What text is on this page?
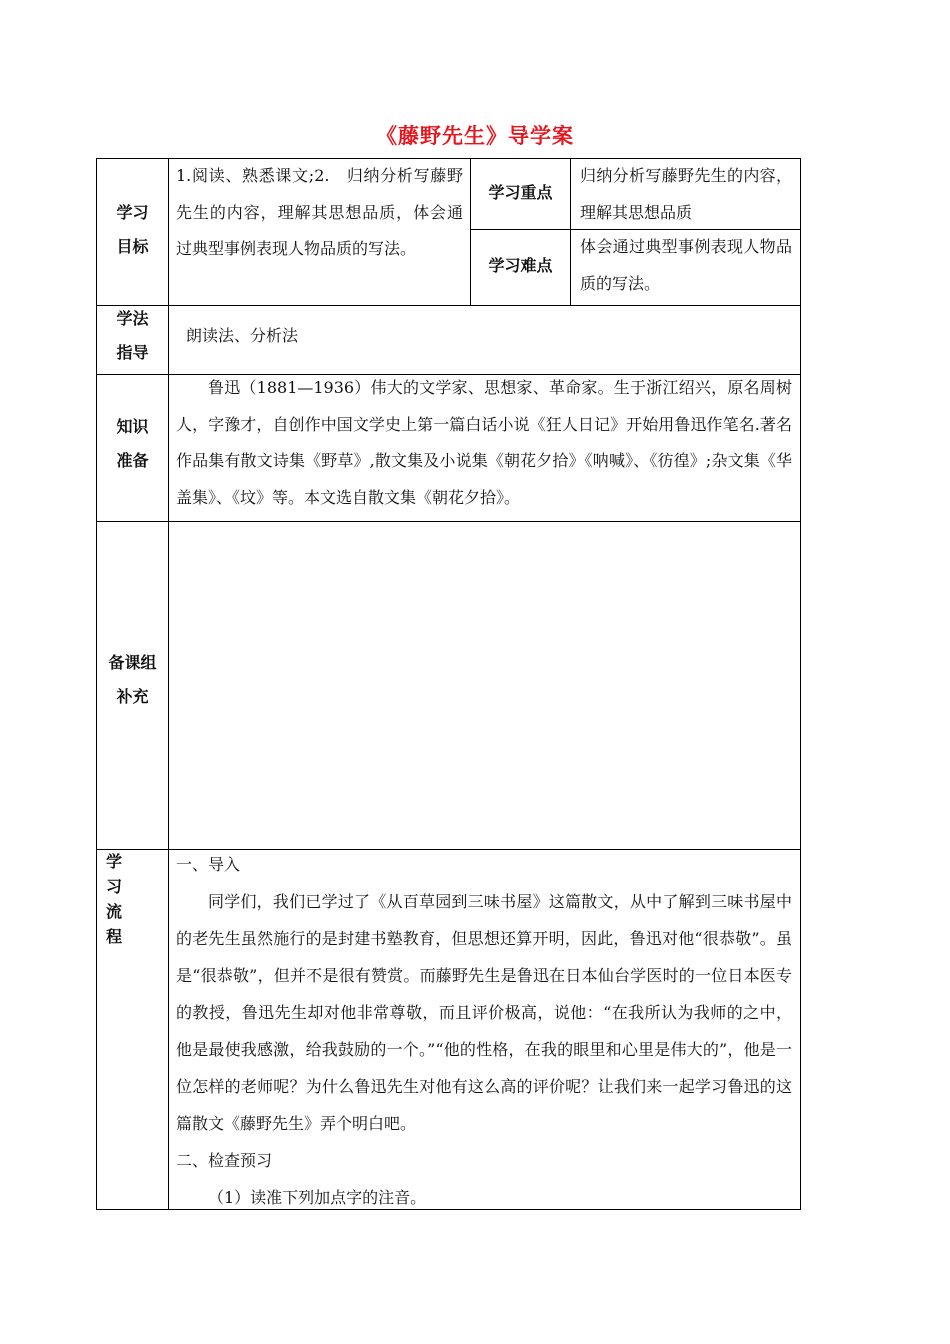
《藤野先生》导学案
学习
目标
1.阅读、熟悉课文;2.　归纳分析写藤野先生的内容，理解其思想品质，体会通过典型事例表现人物品质的写法。
学习重点
归纳分析写藤野先生的内容，理解其思想品质
学习难点
体会通过典型事例表现人物品质的写法。
学法
指导
朗读法、分析法
知识
准备
鲁迅（1881—1936）伟大的文学家、思想家、革命家。生于浙江绍兴，原名周树人，字豫才，自创作中国文学史上第一篇白话小说《狂人日记》开始用鲁迅作笔名.著名作品集有散文诗集《野草》,散文集及小说集《朝花夕拾》《呐喊》、《彷徨》;杂文集《华盖集》、《坟》等。本文选自散文集《朝花夕拾》。
备课组
补充
学
习
流
程

一、导入

同学们，我们已学过了《从百草园到三味书屋》这篇散文，从中了解到三味书屋中的老先生虽然施行的是封建书塾教育，但思想还算开明，因此，鲁迅对他“很恭敬”。虽是“很恭敬”，但并不是很有赞赏。而藤野先生是鲁迅在日本仙台学医时的一位日本医专的教授，鲁迅先生却对他非常尊敬，而且评价极高，说他：“在我所认为我师的之中，他是最使我感激，给我鼓励的一个。”“他的性格，在我的眼里和心里是伟大的”，他是一位怎样的老师呢？为什么鲁迅先生对他有这么高的评价呢？让我们来一起学习鲁迅的这篇散文《藤野先生》弄个明白吧。

二、检查预习

（1）读准下列加点字的注音。
